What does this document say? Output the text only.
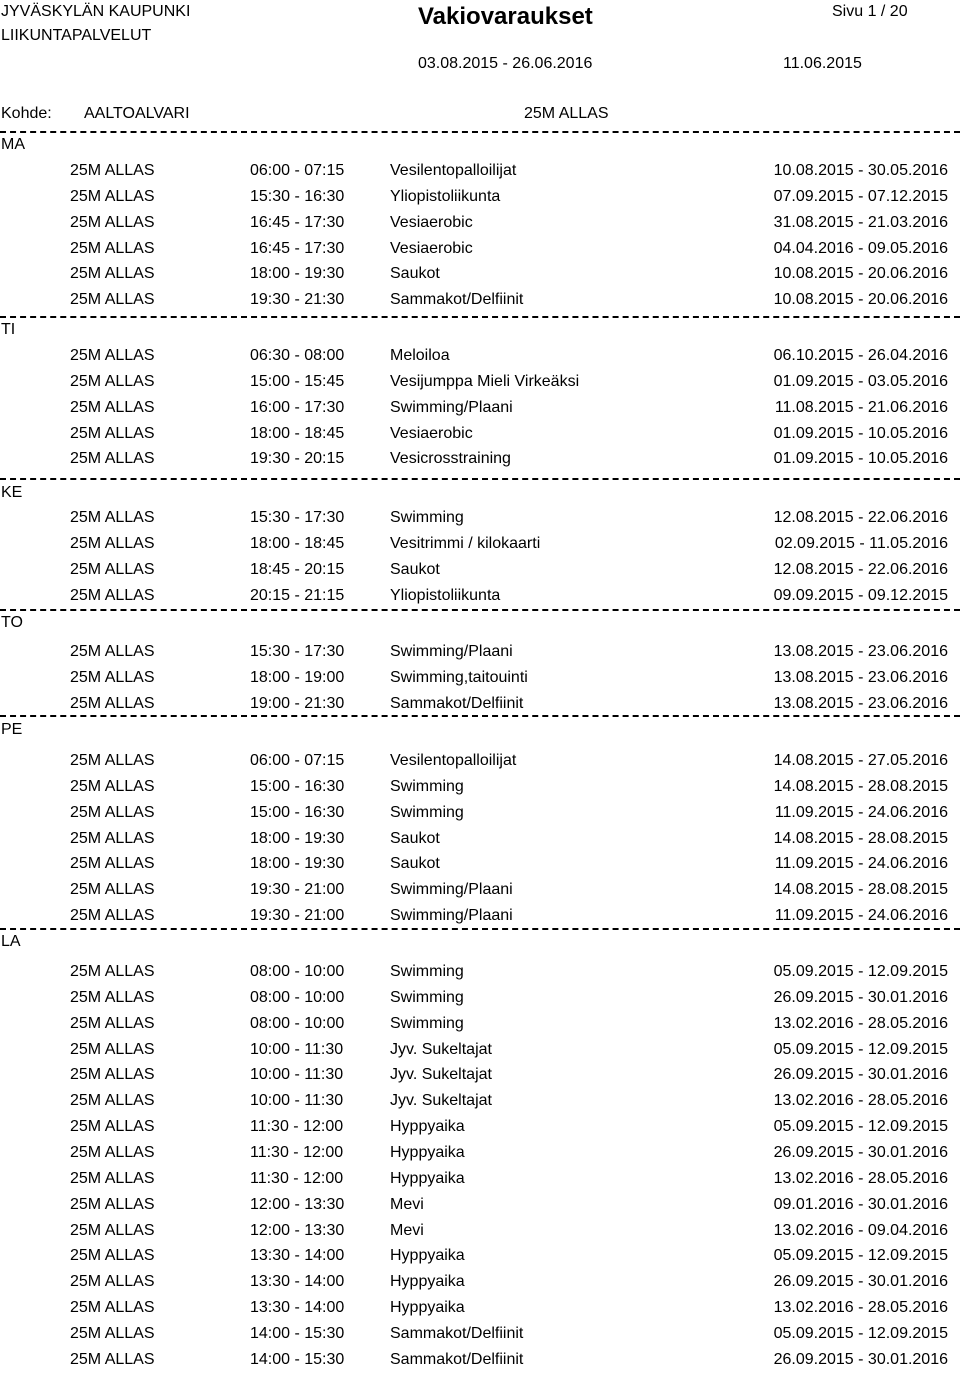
JYVÄSKYLÄN KAUPUNKI
LIIKUNTAPALVELUT
Vakiovaraukset	Sivu 1 / 20
03.08.2015 - 26.06.2016	11.06.2015
Kohde: AALTOALVARI	25M ALLAS
MA
25M ALLAS	06:00 - 07:15	Vesilentopalloilijat	10.08.2015 - 30.05.2016
25M ALLAS	15:30 - 16:30	Yliopistoliikunta	07.09.2015 - 07.12.2015
25M ALLAS	16:45 - 17:30	Vesiaerobic	31.08.2015 - 21.03.2016
25M ALLAS	16:45 - 17:30	Vesiaerobic	04.04.2016 - 09.05.2016
25M ALLAS	18:00 - 19:30	Saukot	10.08.2015 - 20.06.2016
25M ALLAS	19:30 - 21:30	Sammakot/Delfiinit	10.08.2015 - 20.06.2016
TI
25M ALLAS	06:30 - 08:00	Meloiloa	06.10.2015 - 26.04.2016
25M ALLAS	15:00 - 15:45	Vesijumppa Mieli Virkeäksi	01.09.2015 - 03.05.2016
25M ALLAS	16:00 - 17:30	Swimming/Plaani	11.08.2015 - 21.06.2016
25M ALLAS	18:00 - 18:45	Vesiaerobic	01.09.2015 - 10.05.2016
25M ALLAS	19:30 - 20:15	Vesicrosstraining	01.09.2015 - 10.05.2016
KE
25M ALLAS	15:30 - 17:30	Swimming	12.08.2015 - 22.06.2016
25M ALLAS	18:00 - 18:45	Vesitrimmi / kilokaarti	02.09.2015 - 11.05.2016
25M ALLAS	18:45 - 20:15	Saukot	12.08.2015 - 22.06.2016
25M ALLAS	20:15 - 21:15	Yliopistoliikunta	09.09.2015 - 09.12.2015
TO
25M ALLAS	15:30 - 17:30	Swimming/Plaani	13.08.2015 - 23.06.2016
25M ALLAS	18:00 - 19:00	Swimming,taitouinti	13.08.2015 - 23.06.2016
25M ALLAS	19:00 - 21:30	Sammakot/Delfiinit	13.08.2015 - 23.06.2016
PE
25M ALLAS	06:00 - 07:15	Vesilentopalloilijat	14.08.2015 - 27.05.2016
25M ALLAS	15:00 - 16:30	Swimming	14.08.2015 - 28.08.2015
25M ALLAS	15:00 - 16:30	Swimming	11.09.2015 - 24.06.2016
25M ALLAS	18:00 - 19:30	Saukot	14.08.2015 - 28.08.2015
25M ALLAS	18:00 - 19:30	Saukot	11.09.2015 - 24.06.2016
25M ALLAS	19:30 - 21:00	Swimming/Plaani	14.08.2015 - 28.08.2015
25M ALLAS	19:30 - 21:00	Swimming/Plaani	11.09.2015 - 24.06.2016
LA
25M ALLAS	08:00 - 10:00	Swimming	05.09.2015 - 12.09.2015
25M ALLAS	08:00 - 10:00	Swimming	26.09.2015 - 30.01.2016
25M ALLAS	08:00 - 10:00	Swimming	13.02.2016 - 28.05.2016
25M ALLAS	10:00 - 11:30	Jyv. Sukeltajat	05.09.2015 - 12.09.2015
25M ALLAS	10:00 - 11:30	Jyv. Sukeltajat	26.09.2015 - 30.01.2016
25M ALLAS	10:00 - 11:30	Jyv. Sukeltajat	13.02.2016 - 28.05.2016
25M ALLAS	11:30 - 12:00	Hyppyaika	05.09.2015 - 12.09.2015
25M ALLAS	11:30 - 12:00	Hyppyaika	26.09.2015 - 30.01.2016
25M ALLAS	11:30 - 12:00	Hyppyaika	13.02.2016 - 28.05.2016
25M ALLAS	12:00 - 13:30	Mevi	09.01.2016 - 30.01.2016
25M ALLAS	12:00 - 13:30	Mevi	13.02.2016 - 09.04.2016
25M ALLAS	13:30 - 14:00	Hyppyaika	05.09.2015 - 12.09.2015
25M ALLAS	13:30 - 14:00	Hyppyaika	26.09.2015 - 30.01.2016
25M ALLAS	13:30 - 14:00	Hyppyaika	13.02.2016 - 28.05.2016
25M ALLAS	14:00 - 15:30	Sammakot/Delfiinit	05.09.2015 - 12.09.2015
25M ALLAS	14:00 - 15:30	Sammakot/Delfiinit	26.09.2015 - 30.01.2016
